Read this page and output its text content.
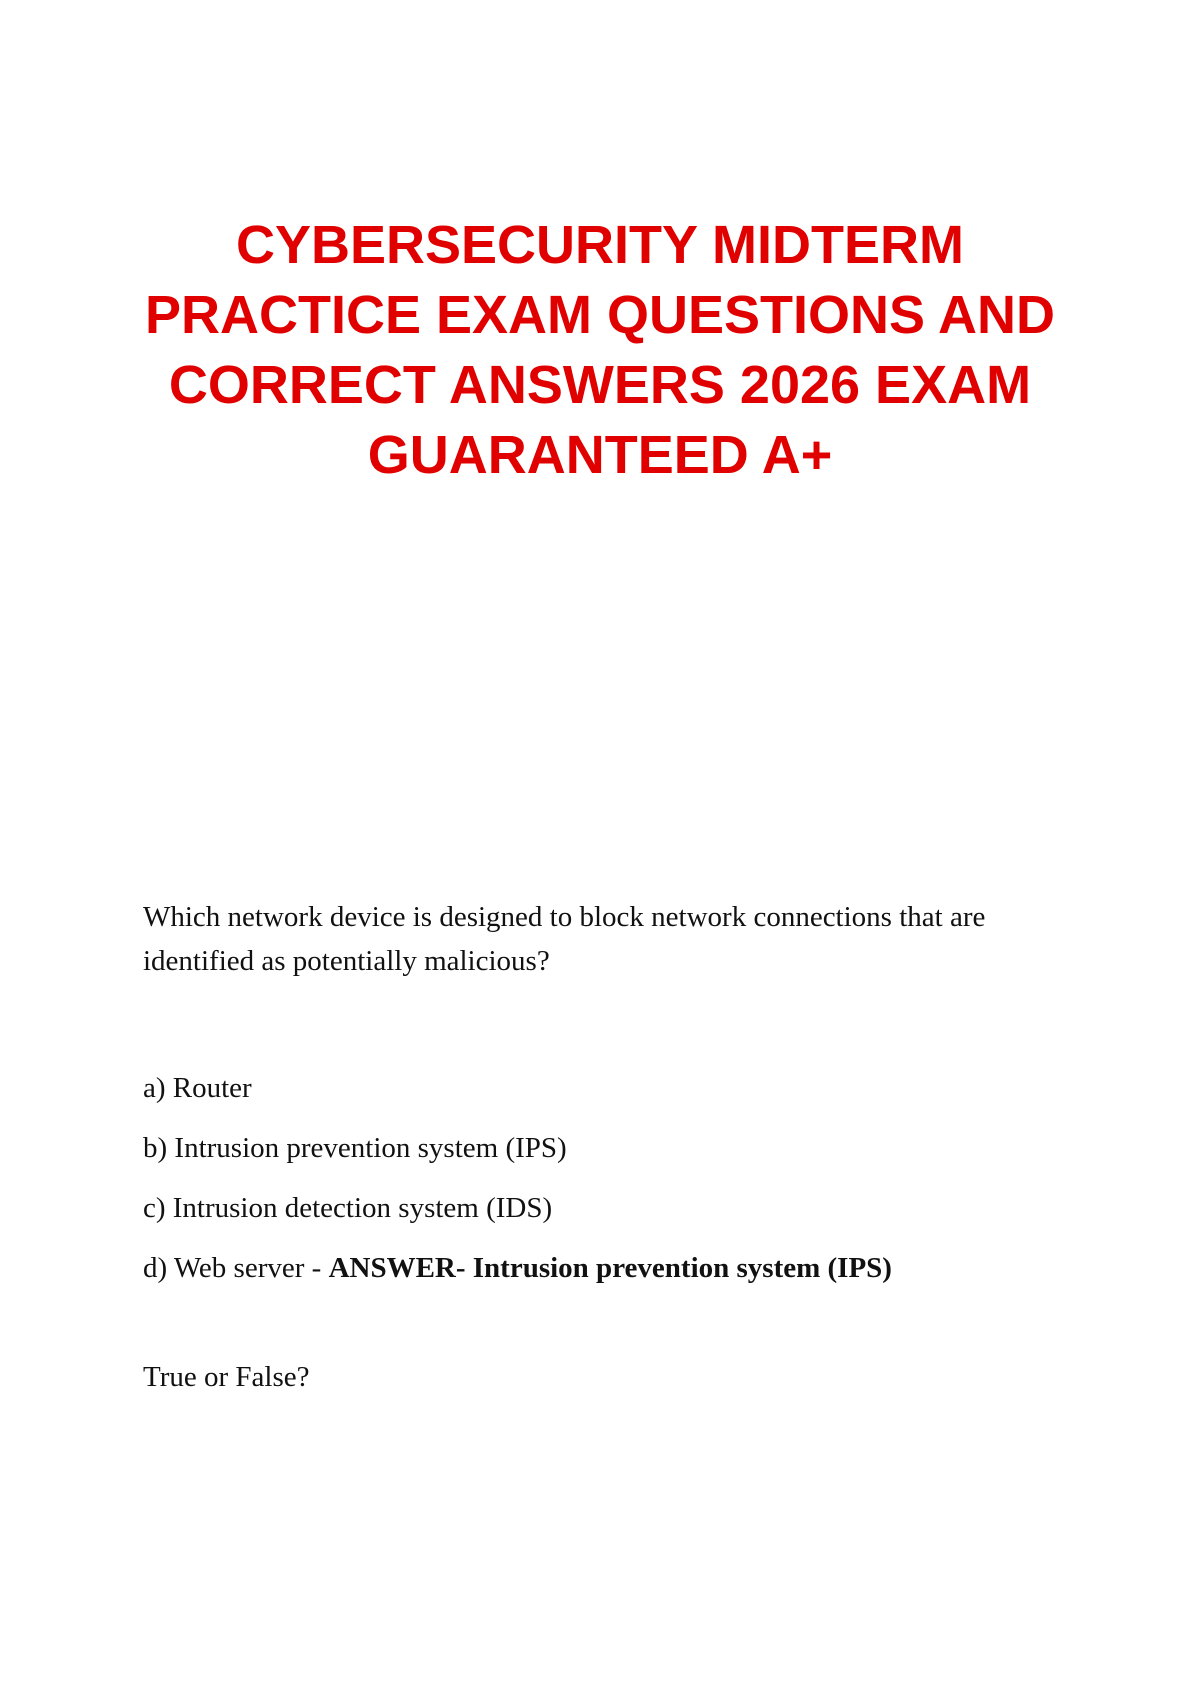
CYBERSECURITY MIDTERM
PRACTICE EXAM QUESTIONS AND
CORRECT ANSWERS 2026 EXAM
GUARANTEED A+
Which network device is designed to block network connections that are identified as potentially malicious?
a) Router
b) Intrusion prevention system (IPS)
c) Intrusion detection system (IDS)
d) Web server - ANSWER- Intrusion prevention system (IPS)
True or False?
